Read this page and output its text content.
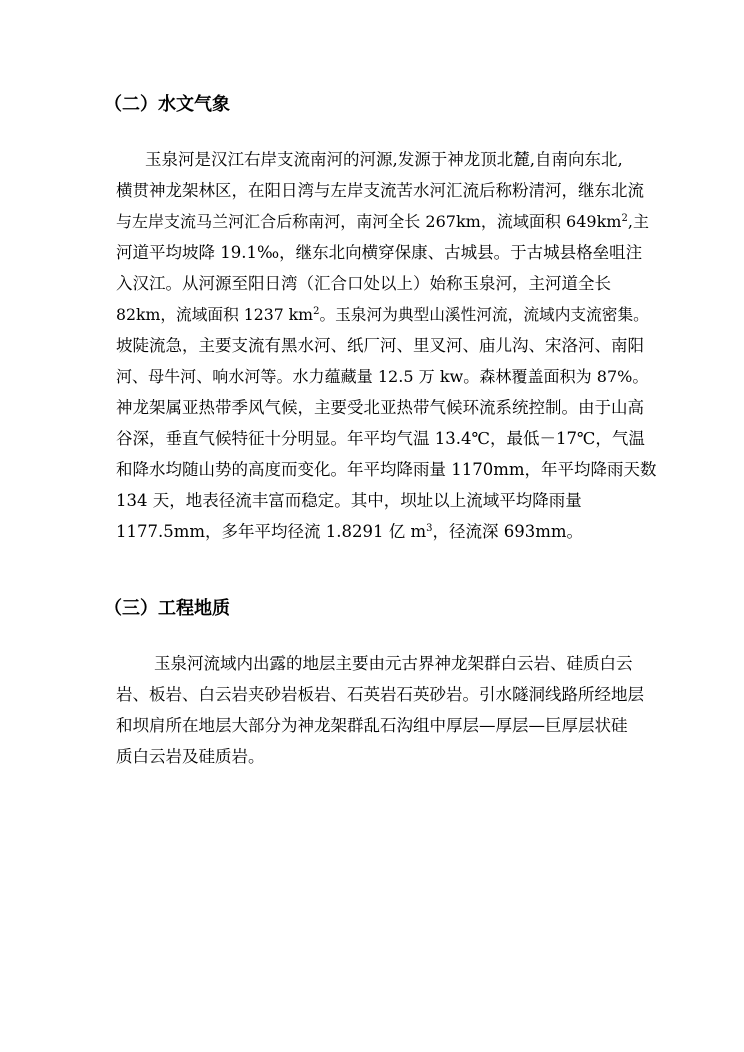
（二）水文气象
玉泉河是汉江右岸支流南河的河源,发源于神龙顶北麓,自南向东北,
横贯神龙架林区，在阳日湾与左岸支流苦水河汇流后称粉清河，继东北流
与左岸支流马兰河汇合后称南河，南河全长 267km，流域面积 $649km^2$,主
河道平均坡降 19.1‰，继东北向横穿保康、古城县。于古城县格垒咀注
入汉江。从河源至阳日湾（汇合口处以上）始称玉泉河，主河道全长
82km，流域面积 1237 $km^2$。玉泉河为典型山溪性河流，流域内支流密集。
坡陡流急，主要支流有黑水河、纸厂河、里叉河、庙儿沟、宋洛河、南阳
河、母牛河、响水河等。水力蕴藏量 12.5 万 kw。森林覆盖面积为 87%。
神龙架属亚热带季风气候，主要受北亚热带气候环流系统控制。由于山高
谷深，垂直气候特征十分明显。年平均气温 13.4℃，最低－17℃，气温
和降水均随山势的高度而变化。年平均降雨量 1170mm，年平均降雨天数
134 天，地表径流丰富而稳定。其中，坝址以上流域平均降雨量
1177.5mm，多年平均径流 1.8291 亿 $m^3$，径流深 693mm。
（三）工程地质
玉泉河流域内出露的地层主要由元古界神龙架群白云岩、硅质白云
岩、板岩、白云岩夹砂岩板岩、石英岩石英砂岩。引水隧洞线路所经地层
和坝肩所在地层大部分为神龙架群乱石沟组中厚层—厚层—巨厚层状硅
质白云岩及硅质岩。
